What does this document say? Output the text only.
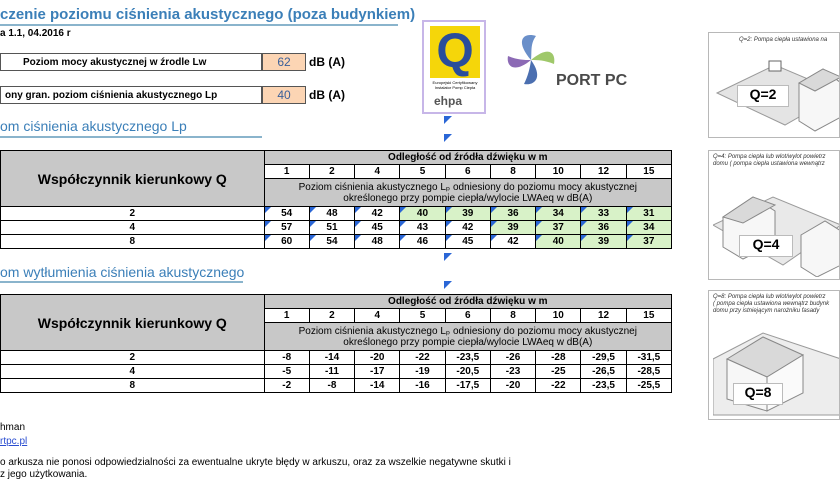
czenie poziomu ciśnienia akustycznego (poza budynkiem)
a 1.1, 04.2016 r
Poziom mocy akustycznej w źrodle Lw	62	dB (A)
ony gran. poziom ciśnienia akustycznego Lp	40	dB (A)
Q
Europejski Certyfikowany Instalator Pomp Ciepła
ehpa
PORT PC
om ciśnienia akustycznego Lp
Współczynnik kierunkowy Q	Odległość od źródła dźwięku w m								
	1	2	4	5	6	8	10	12	15

	Poziom ciśnienia akustycznego Lₚ odniesiony do poziomu mocy akustycznej
określonego przy pompie ciepła/wylocie LWAeq w dB(A)								

2	54	48	42	40	39	36	34	33	31
4	57	51	45	43	42	39	37	36	34
8	60	54	48	46	45	42	40	39	37
om wytłumienia ciśnienia akustycznego
Współczynnik kierunkowy Q	Odległość od źródła dźwięku w m								
	1	2	4	5	6	8	10	12	15

	Poziom ciśnienia akustycznego Lₚ odniesiony do poziomu mocy akustycznej
określonego przy pompie ciepła/wylocie LWAeq w dB(A)								

2	-8	-14	-20	-22	-23,5	-26	-28	-29,5	-31,5
4	-5	-11	-17	-19	-20,5	-23	-25	-26,5	-28,5
8	-2	-8	-14	-16	-17,5	-20	-22	-23,5	-25,5
Q=2: Pompa ciepła ustawiona na
Q=2
Q=4: Pompa ciepła lub wlot/wylot powietrz
domu ( pompa ciepła ustawiona wewnątrz
Q=4
Q=8: Pompa ciepła lub wlot/wylot powietrz
( pompa ciepła ustawiona wewnątrz budynk
domu przy istniejącym narożniku fasady
Q=8
hman
rtpc.pl
o arkusza nie ponosi odpowiedzialności za ewentualne ukryte błędy w arkuszu, oraz za wszelkie negatywne skutki i
z jego użytkowania.
